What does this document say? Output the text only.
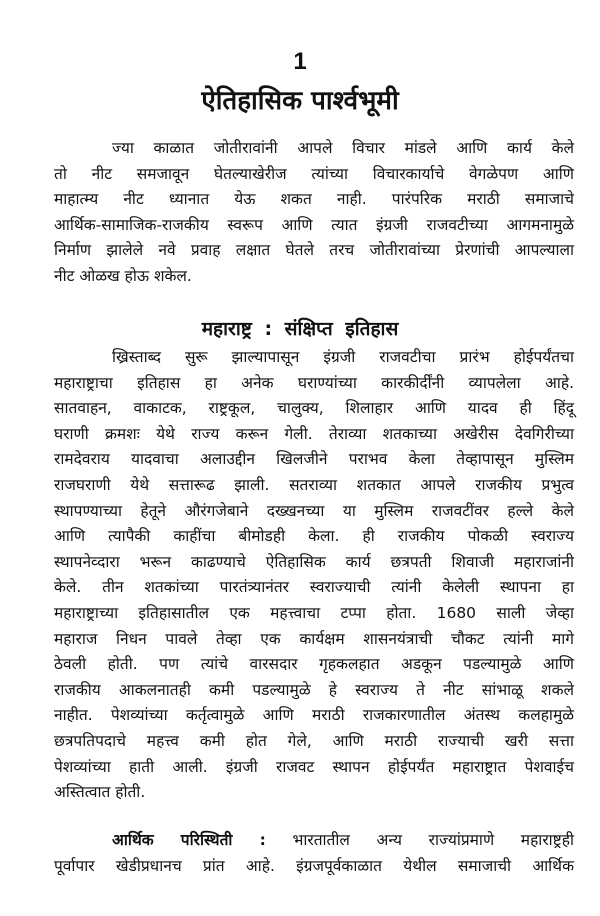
1
ऐतिहासिक पार्श्वभूमी

ज्या काळात जोतीरावांनी आपले विचार मांडले आणि कार्य केले
तो नीट समजावून घेतल्याखेरीज त्यांच्या विचारकार्याचे वेगळेपण आणि
माहात्म्य नीट ध्यानात येऊ शकत नाही. पारंपरिक मराठी समाजाचे
आर्थिक-सामाजिक-राजकीय स्वरूप आणि त्यात इंग्रजी राजवटीच्या आगमनामुळे
निर्माण झालेले नवे प्रवाह लक्षात घेतले तरच जोतीरावांच्या प्रेरणांची आपल्याला
नीट ओळख होऊ शकेल.

महाराष्ट्र : संक्षिप्त इतिहास

ख्रिस्ताब्द सुरू झाल्यापासून इंग्रजी राजवटीचा प्रारंभ होईपर्यंतचा
महाराष्ट्राचा इतिहास हा अनेक घराण्यांच्या कारकीर्दींनी व्यापलेला आहे.
सातवाहन, वाकाटक, राष्ट्रकूल, चालुक्य, शिलाहार आणि यादव ही हिंदू
घराणी क्रमशः येथे राज्य करून गेली. तेराव्या शतकाच्या अखेरीस देवगिरीच्या
रामदेवराय यादवाचा अलाउद्दीन खिलजीने पराभव केला तेव्हापासून मुस्लिम
राजघराणी येथे सत्तारूढ झाली. सतराव्या शतकात आपले राजकीय प्रभुत्व
स्थापण्याच्या हेतूने औरंगजेबाने दख्खनच्या या मुस्लिम राजवटींवर हल्ले केले
आणि त्यापैकी काहींचा बीमोडही केला. ही राजकीय पोकळी स्वराज्य
स्थापनेव्दारा भरून काढण्याचे ऐतिहासिक कार्य छत्रपती शिवाजी महाराजांनी
केले. तीन शतकांच्या पारतंत्र्यानंतर स्वराज्याची त्यांनी केलेली स्थापना हा
महाराष्ट्राच्या इतिहासातील एक महत्त्वाचा टप्पा होता. 1680 साली जेव्हा
महाराज निधन पावले तेव्हा एक कार्यक्षम शासनयंत्राची चौकट त्यांनी मागे
ठेवली होती. पण त्यांचे वारसदार गृहकलहात अडकून पडल्यामुळे आणि
राजकीय आकलनातही कमी पडल्यामुळे हे स्वराज्य ते नीट सांभाळू शकले
नाहीत. पेशव्यांच्या कर्तृत्वामुळे आणि मराठी राजकारणातील अंतस्थ कलहामुळे
छत्रपतिपदाचे महत्त्व कमी होत गेले, आणि मराठी राज्याची खरी सत्ता
पेशव्यांच्या हाती आली. इंग्रजी राजवट स्थापन होईपर्यंत महाराष्ट्रात पेशवाईच
अस्तित्वात होती.

आर्थिक परिस्थिती : भारतातील अन्य राज्यांप्रमाणे महाराष्ट्रही
पूर्वापार खेडीप्रधानच प्रांत आहे. इंग्रजपूर्वकाळात येथील समाजाची आर्थिक
